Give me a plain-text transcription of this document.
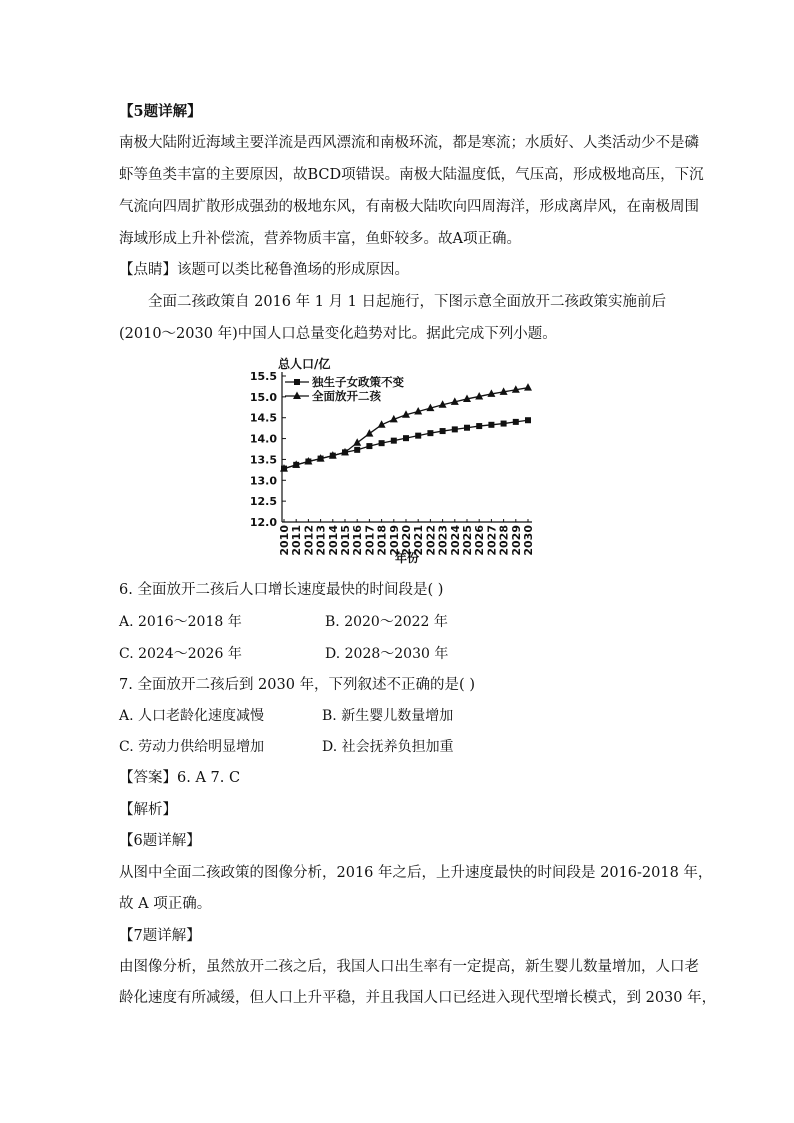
【5题详解】
南极大陆附近海域主要洋流是西风漂流和南极环流，都是寒流；水质好、人类活动少不是磷
虾等鱼类丰富的主要原因，故BCD项错误。南极大陆温度低，气压高，形成极地高压，下沉
气流向四周扩散形成强劲的极地东风，有南极大陆吹向四周海洋，形成离岸风，在南极周围
海域形成上升补偿流，营养物质丰富，鱼虾较多。故A项正确。
【点睛】该题可以类比秘鲁渔场的形成原因。
全面二孩政策自 2016 年 1 月 1 日起施行，下图示意全面放开二孩政策实施前后
(2010～2030 年)中国人口总量变化趋势对比。据此完成下列小题。
12.0
12.5
13.0
13.5
14.0
14.5
15.0
15.5
2010 2011 2012 2013 2014 2015 2016 2017 2018 2019 2020 2021 2022 2023 2024 2025 2026 2027 2028 2029 2030
总人口/亿
年份
独生子女政策不变
全面放开二孩
6. 全面放开二孩后人口增长速度最快的时间段是( )
A. 2016～2018 年	B. 2020～2022 年
C. 2024～2026 年	D. 2028～2030 年
7. 全面放开二孩后到 2030 年，下列叙述不正确的是( )
A. 人口老龄化速度减慢	B. 新生婴儿数量增加
C. 劳动力供给明显增加	D. 社会抚养负担加重
【答案】6. A 7. C
【解析】
【6题详解】
从图中全面二孩政策的图像分析，2016 年之后，上升速度最快的时间段是 2016-2018 年，
故 A 项正确。
【7题详解】
由图像分析，虽然放开二孩之后，我国人口出生率有一定提高，新生婴儿数量增加，人口老
龄化速度有所减缓，但人口上升平稳，并且我国人口已经进入现代型增长模式，到 2030 年，
